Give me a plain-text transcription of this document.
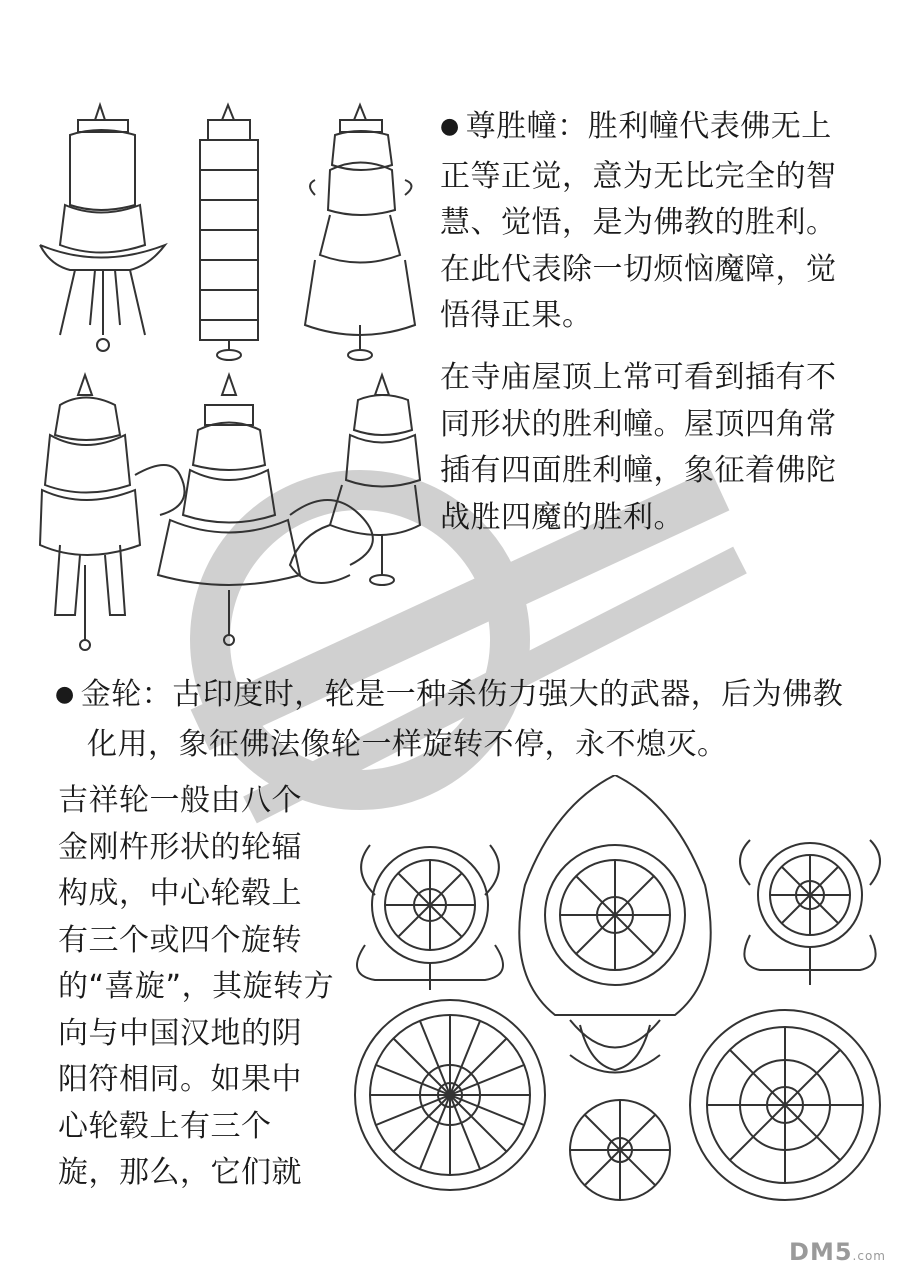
● 尊胜幢：胜利幢代表佛无上
正等正觉，意为无比完全的智
慧、觉悟，是为佛教的胜利。
在此代表除一切烦恼魔障，觉
悟得正果。
在寺庙屋顶上常可看到插有不
同形状的胜利幢。屋顶四角常
插有四面胜利幢，象征着佛陀
战胜四魔的胜利。
● 金轮：古印度时，轮是一种杀伤力强大的武器，后为佛教
化用，象征佛法像轮一样旋转不停，永不熄灭。
吉祥轮一般由八个
金刚杵形状的轮辐
构成，中心轮毂上
有三个或四个旋转
的“喜旋”，其旋转方
向与中国汉地的阴
阳符相同。如果中
心轮毂上有三个
旋，那么，它们就
DM5.com
